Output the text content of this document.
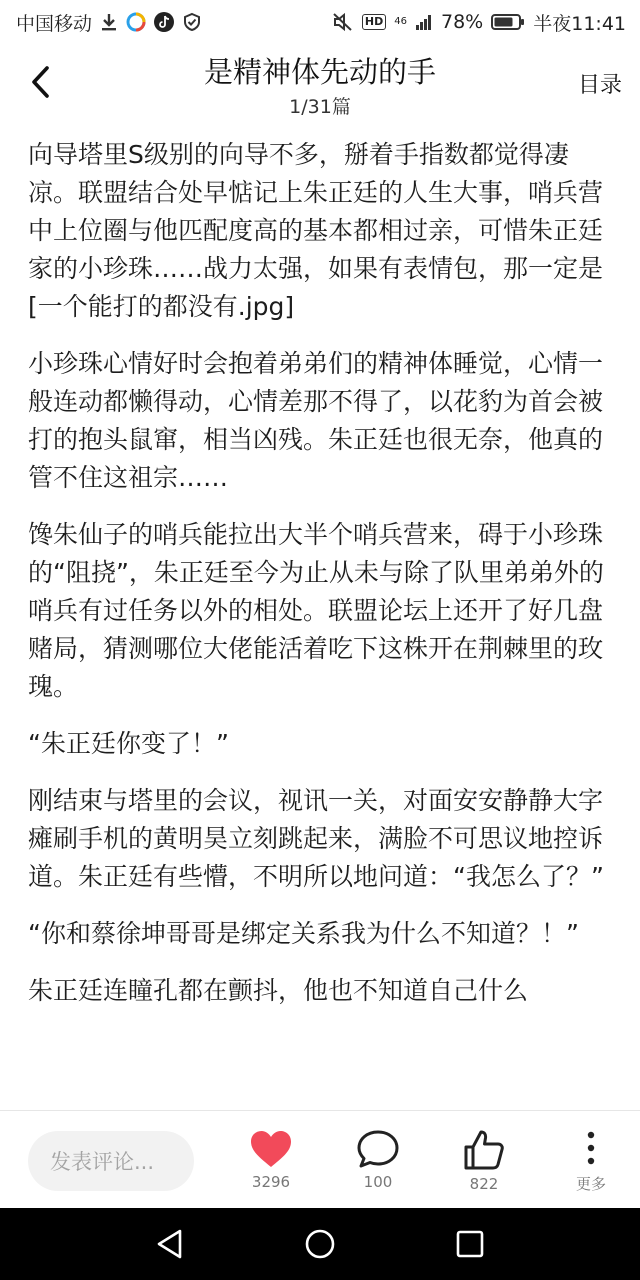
中国移动	HD	46 78%	半夜11:41
是精神体先动的手
1/31篇
目录

向导塔里S级别的向导不多，掰着手指数都觉得凄凉。联盟结合处早惦记上朱正廷的人生大事，哨兵营中上位圈与他匹配度高的基本都相过亲，可惜朱正廷家的小珍珠……战力太强，如果有表情包，那一定是[一个能打的都没有.jpg]

小珍珠心情好时会抱着弟弟们的精神体睡觉，心情一般连动都懒得动，心情差那不得了，以花豹为首会被打的抱头鼠窜，相当凶残。朱正廷也很无奈，他真的管不住这祖宗……

馋朱仙子的哨兵能拉出大半个哨兵营来，碍于小珍珠的“阻挠”，朱正廷至今为止从未与除了队里弟弟外的哨兵有过任务以外的相处。联盟论坛上还开了好几盘赌局，猜测哪位大佬能活着吃下这株开在荆棘里的玫瑰。

“朱正廷你变了！”

刚结束与塔里的会议，视讯一关，对面安安静静大字瘫刷手机的黄明昊立刻跳起来，满脸不可思议地控诉道。朱正廷有些懵，不明所以地问道：“我怎么了？”

“你和蔡徐坤哥哥是绑定关系我为什么不知道？！”

朱正廷连瞳孔都在颤抖，他也不知道自己什么

发表评论...
3296	100	822	更多
